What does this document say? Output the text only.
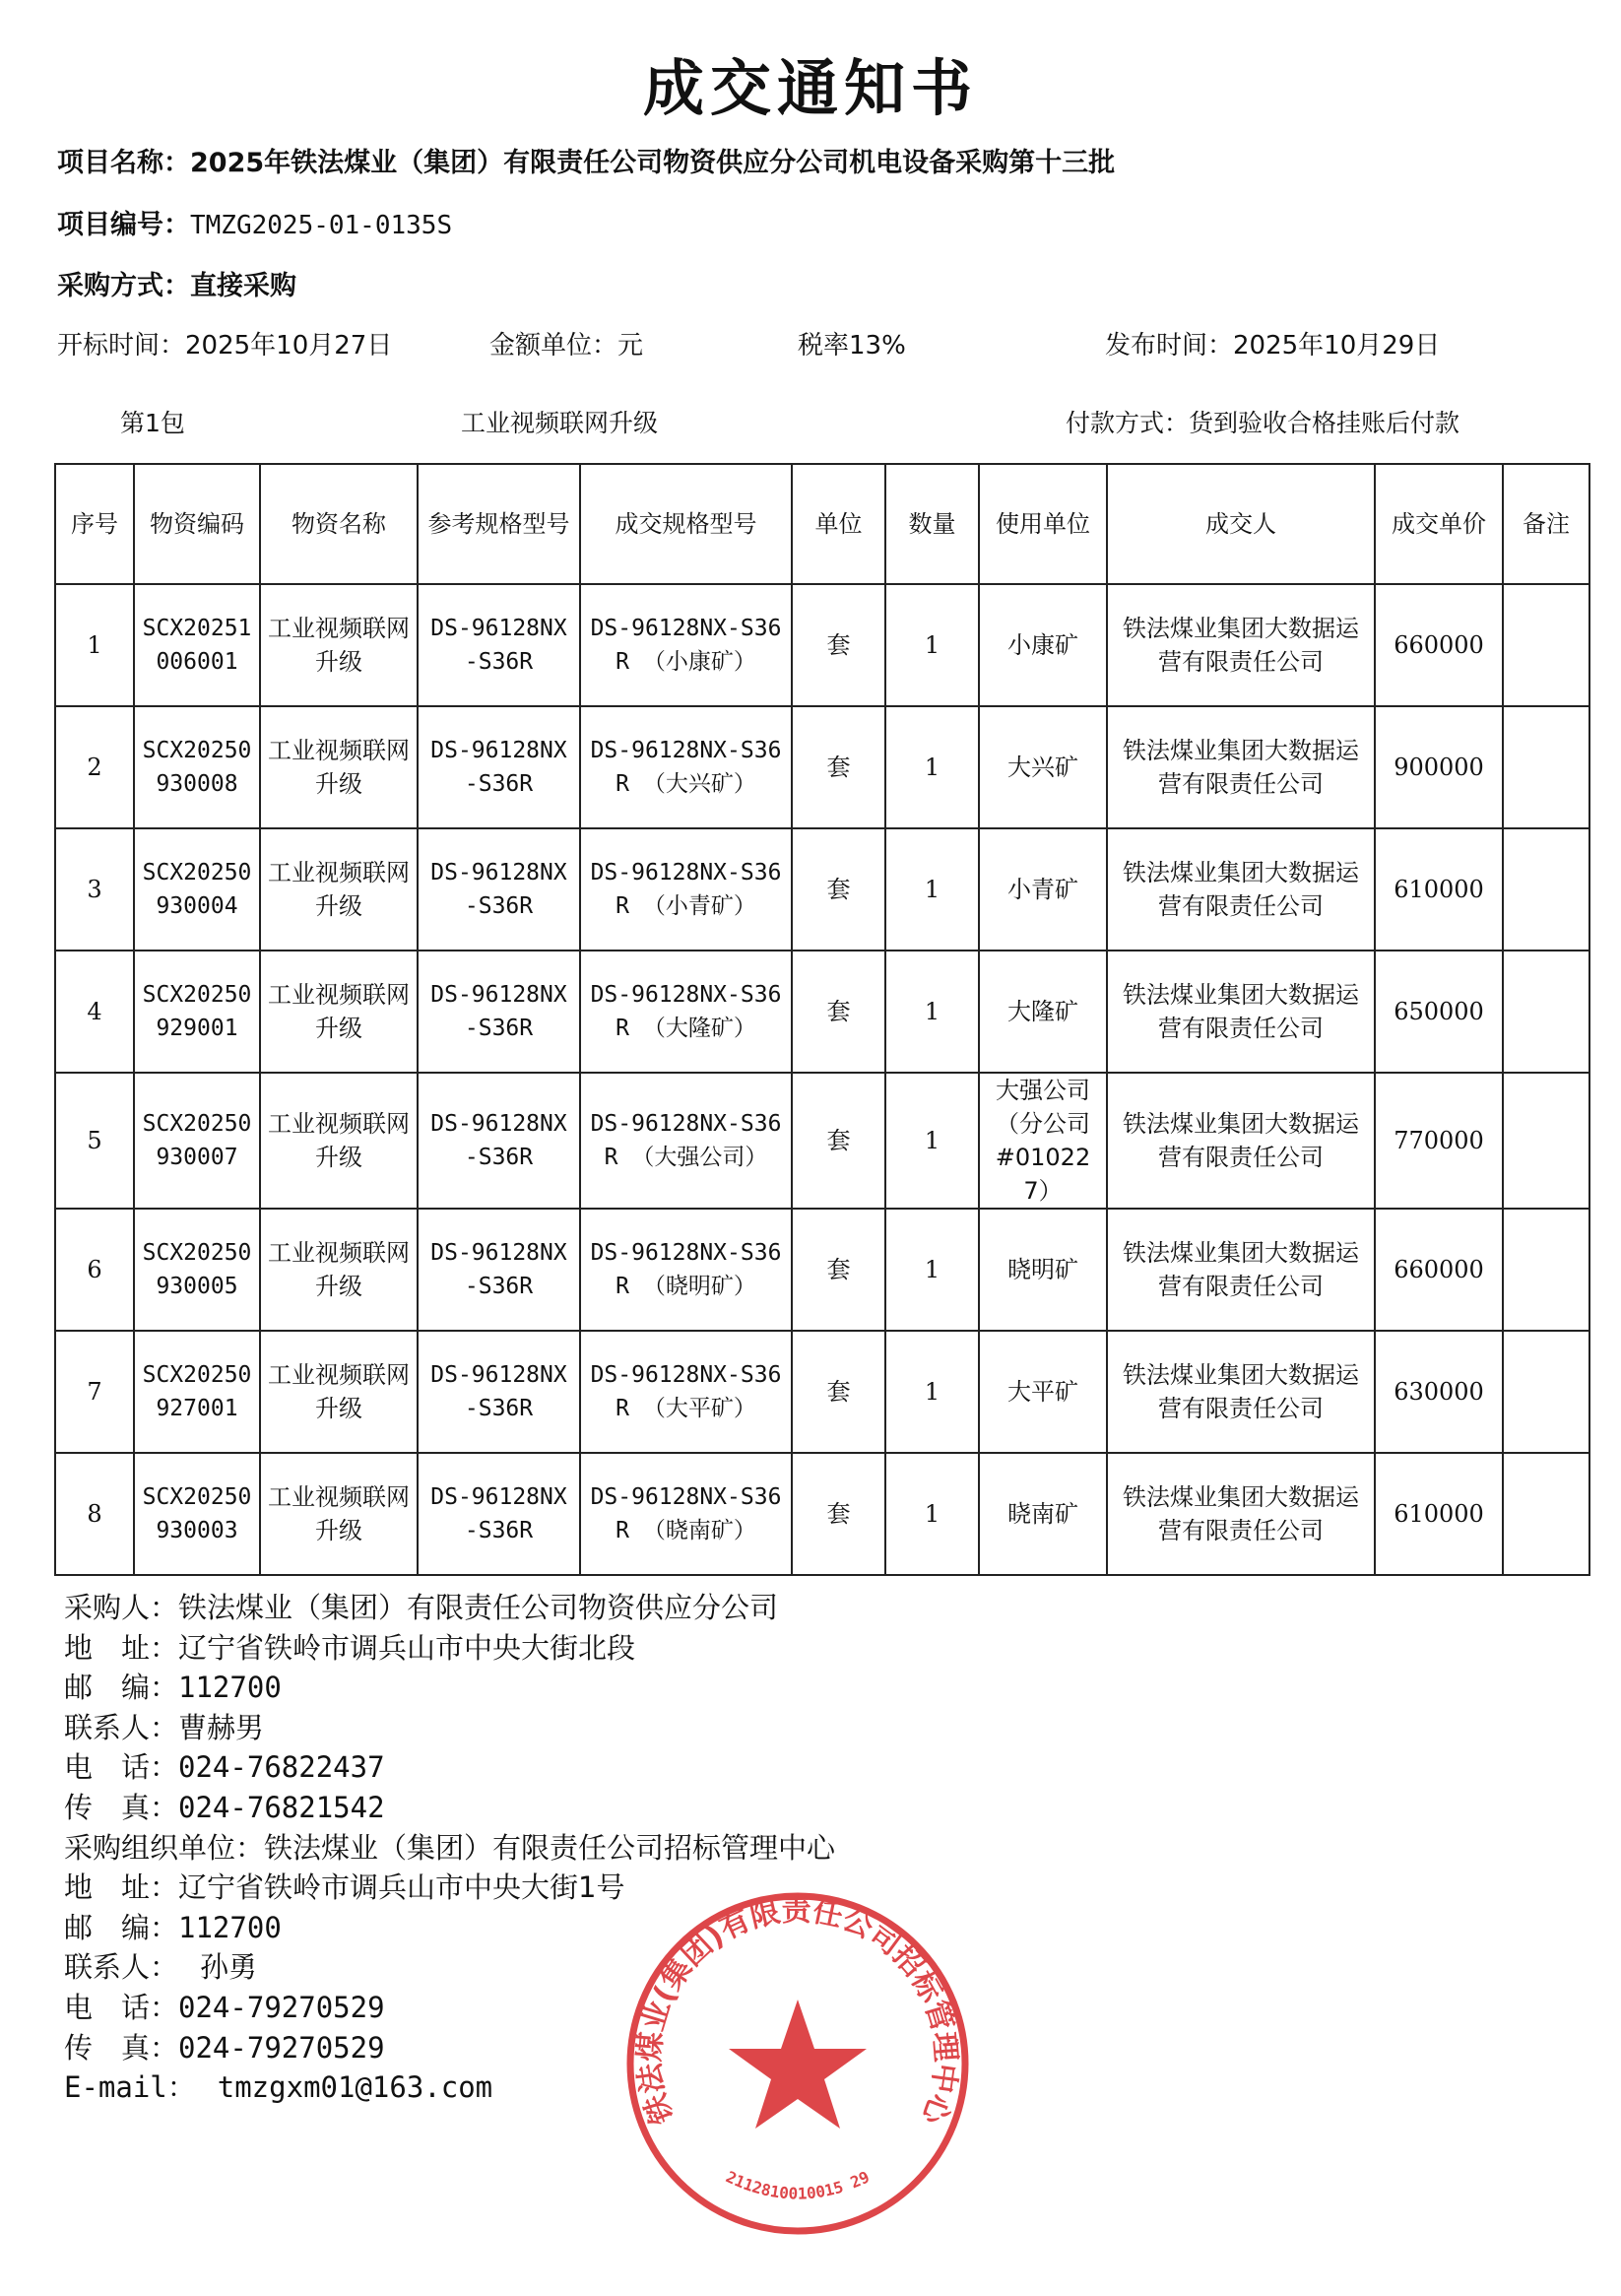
成交通知书
项目名称：2025年铁法煤业（集团）有限责任公司物资供应分公司机电设备采购第十三批
项目编号：TMZG2025-01-0135S
采购方式：直接采购
开标时间：2025年10月27日	金额单位：元	税率13%	发布时间：2025年10月29日
第1包	工业视频联网升级	付款方式：货到验收合格挂账后付款
序号	物资编码	物资名称	参考规格型号	成交规格型号	单位	数量	使用单位	成交人	成交单价	备注
1	SCX20251006001	工业视频联网升级	DS-96128NX-S36R	DS-96128NX-S36R （小康矿）	套	1	小康矿	铁法煤业集团大数据运营有限责任公司	660000	
2	SCX20250930008	工业视频联网升级	DS-96128NX-S36R	DS-96128NX-S36R （大兴矿）	套	1	大兴矿	铁法煤业集团大数据运营有限责任公司	900000	
3	SCX20250930004	工业视频联网升级	DS-96128NX-S36R	DS-96128NX-S36R （小青矿）	套	1	小青矿	铁法煤业集团大数据运营有限责任公司	610000	
4	SCX20250929001	工业视频联网升级	DS-96128NX-S36R	DS-96128NX-S36R （大隆矿）	套	1	大隆矿	铁法煤业集团大数据运营有限责任公司	650000	
5	SCX20250930007	工业视频联网升级	DS-96128NX-S36R	DS-96128NX-S36R （大强公司）	套	1	大强公司（分公司#010227）	铁法煤业集团大数据运营有限责任公司	770000	
6	SCX20250930005	工业视频联网升级	DS-96128NX-S36R	DS-96128NX-S36R （晓明矿）	套	1	晓明矿	铁法煤业集团大数据运营有限责任公司	660000	
7	SCX20250927001	工业视频联网升级	DS-96128NX-S36R	DS-96128NX-S36R （大平矿）	套	1	大平矿	铁法煤业集团大数据运营有限责任公司	630000	
8	SCX20250930003	工业视频联网升级	DS-96128NX-S36R	DS-96128NX-S36R （晓南矿）	套	1	晓南矿	铁法煤业集团大数据运营有限责任公司	610000	
采购人：铁法煤业（集团）有限责任公司物资供应分公司
地　址：辽宁省铁岭市调兵山市中央大街北段
邮　编：112700
联系人：曹赫男
电　话：024-76822437
传　真：024-76821542
采购组织单位：铁法煤业（集团）有限责任公司招标管理中心
地　址：辽宁省铁岭市调兵山市中央大街1号
邮　编：112700
联系人： 孙勇
电　话：024-79270529
传　真：024-79270529
E-mail： tmzgxm01@163.com
铁法煤业(集团)有限责任公司招标管理中心
2112810010015 29
